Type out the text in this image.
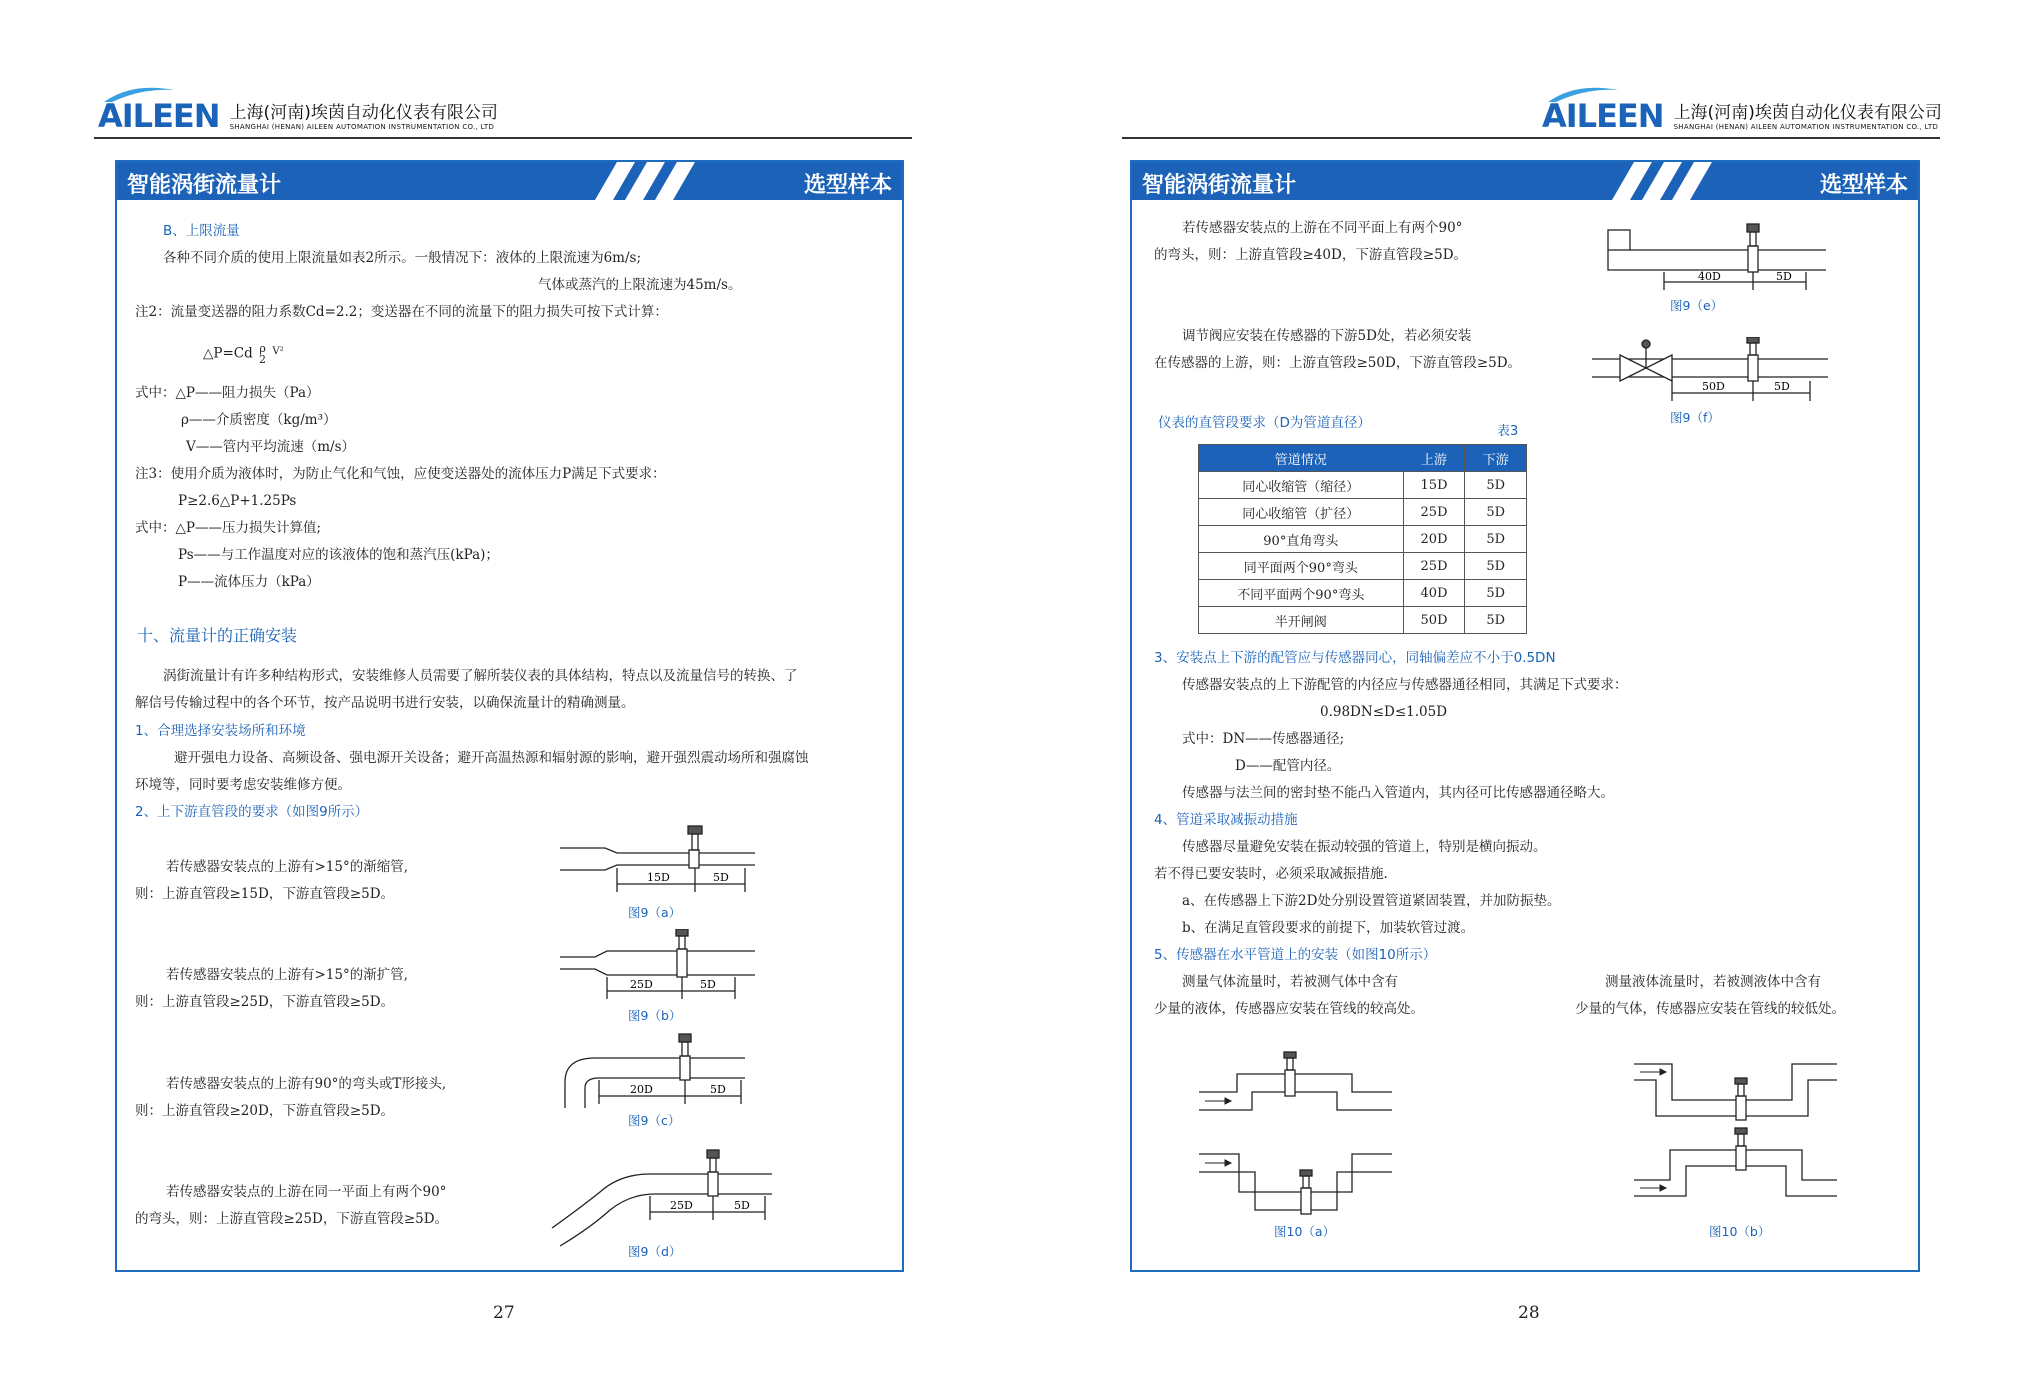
AILEEN 上海(河南)埃茵自动化仪表有限公司
SHANGHAI (HENAN) AILEEN AUTOMATION INSTRUMENTATION CO., LTD
智能涡街流量计	选型样本
B、上限流量
各种不同介质的使用上限流量如表2所示。一般情况下：液体的上限流速为6m/s;
气体或蒸汽的上限流速为45m/s。
注2：流量变送器的阻力系数Cd=2.2；变送器在不同的流量下的阻力损失可按下式计算：
△P=Cd ρ
2
$^{V^2}$
式中：△P——阻力损失（Pa）
ρ——介质密度（kg/m³）
V——管内平均流速（m/s）
注3：使用介质为液体时，为防止气化和气蚀，应使变送器处的流体压力P满足下式要求：
P≥2.6△P+1.25Ps
式中：△P——压力损失计算值;
Ps——与工作温度对应的该液体的饱和蒸汽压(kPa)；
P——流体压力（kPa）
十、流量计的正确安装
涡街流量计有许多种结构形式，安装维修人员需要了解所装仪表的具体结构，特点以及流量信号的转换、了
解信号传输过程中的各个环节，按产品说明书进行安装，以确保流量计的精确测量。
1、合理选择安装场所和环境
避开强电力设备、高频设备、强电源开关设备；避开高温热源和辐射源的影响，避开强烈震动场所和强腐蚀
环境等，同时要考虑安装维修方便。
2、上下游直管段的要求（如图9所示）
若传感器安装点的上游有>15°的渐缩管,
则：上游直管段≥15D，下游直管段≥5D。
若传感器安装点的上游有>15°的渐扩管,
则：上游直管段≥25D，下游直管段≥5D。
若传感器安装点的上游有90°的弯头或T形接头,
则：上游直管段≥20D，下游直管段≥5D。
若传感器安装点的上游在同一平面上有两个90°
的弯头，则：上游直管段≥25D，下游直管段≥5D。
15D	5D
图9（a）
25D	5D
图9（b）
20D	5D
图9（c）
25D	5D
图9（d）
27
AILEEN 上海(河南)埃茵自动化仪表有限公司
SHANGHAI (HENAN) AILEEN AUTOMATION INSTRUMENTATION CO., LTD
智能涡街流量计	选型样本
若传感器安装点的上游在不同平面上有两个90°
的弯头，则：上游直管段≥40D，下游直管段≥5D。
调节阀应安装在传感器的下游5D处，若必须安装
在传感器的上游，则：上游直管段≥50D，下游直管段≥5D。
40D	5D
图9（e）
50D	5D
图9（f）
仪表的直管段要求（D为管道直径）
表3
管道情况	上游	下游
同心收缩管（缩径）	15D	5D
同心收缩管（扩径）	25D	5D
90°直角弯头	20D	5D
同平面两个90°弯头	25D	5D
不同平面两个90°弯头	40D	5D
半开闸阀	50D	5D
3、安装点上下游的配管应与传感器同心，同轴偏差应不小于0.5DN
传感器安装点的上下游配管的内径应与传感器通径相同，其满足下式要求：
0.98DN≤D≤1.05D
式中：DN——传感器通径;
D——配管内径。
传感器与法兰间的密封垫不能凸入管道内，其内径可比传感器通径略大。
4、管道采取减振动措施
传感器尽量避免安装在振动较强的管道上，特别是横向振动。
若不得已要安装时，必须采取减振措施.
a、在传感器上下游2D处分别设置管道紧固装置，并加防振垫。
b、在满足直管段要求的前提下，加装软管过渡。
5、传感器在水平管道上的安装（如图10所示）
测量气体流量时，若被测气体中含有
少量的液体，传感器应安装在管线的较高处。
测量液体流量时，若被测液体中含有
少量的气体，传感器应安装在管线的较低处。
图10（a）	图10（b）
28
